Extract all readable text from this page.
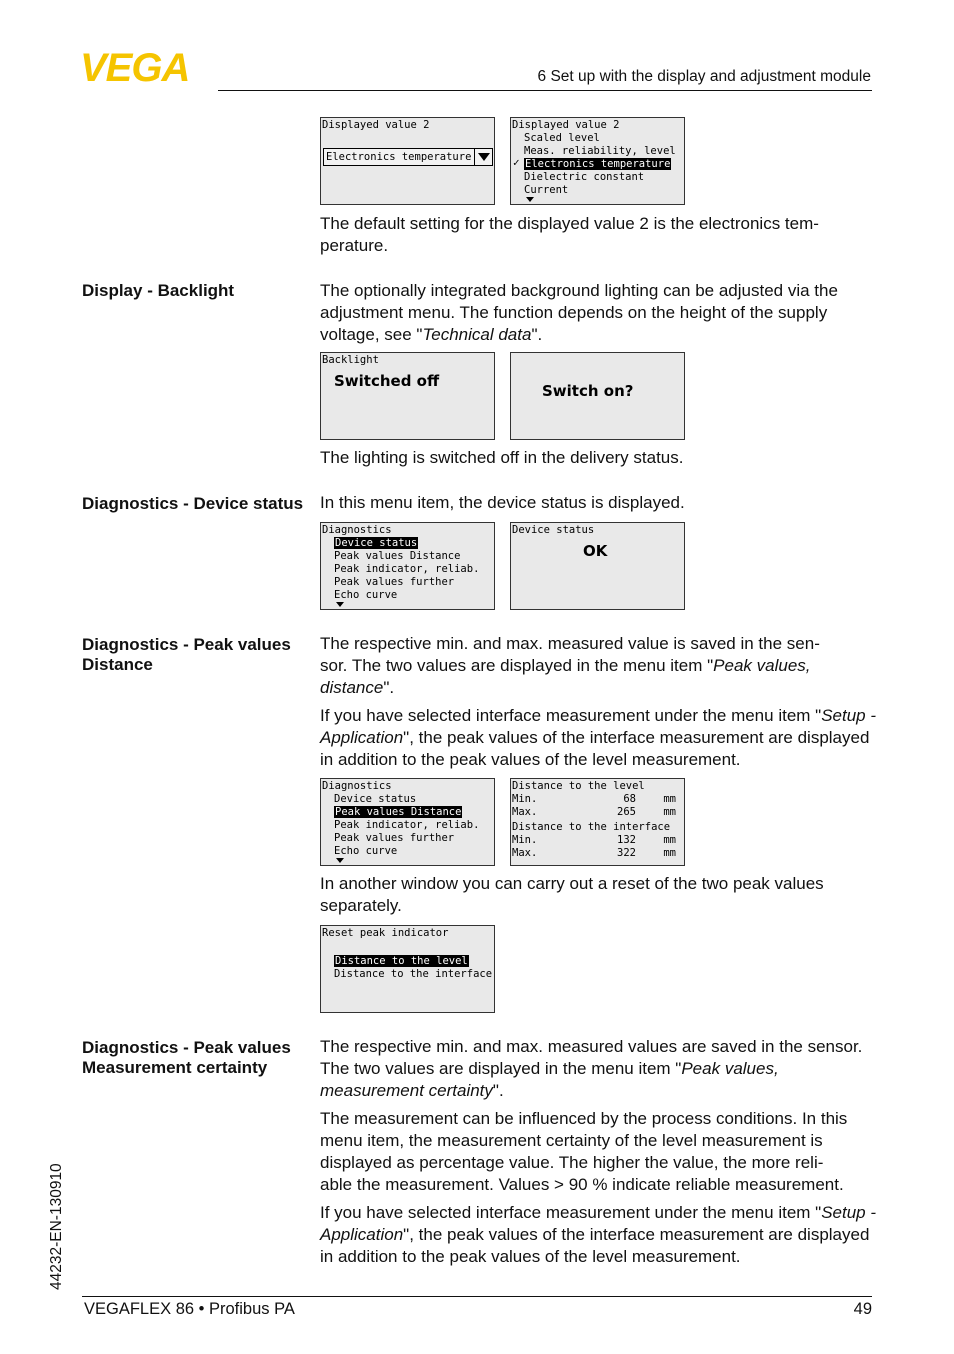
VEGA	6 Set up with the display and adjustment module
44232-EN-130910
Displayed value 2
Electronics temperature
Displayed value 2
Scaled level
Meas. reliability, level
✓ Electronics temperature
Dielectric constant
Current
The default setting for the displayed value 2 is the electronics tem-
perature.
Display - Backlight	The optionally integrated background lighting can be adjusted via the adjustment menu. The function depends on the height of the supply voltage, see "Technical data".
Backlight
Switched off
Switch on?
The lighting is switched off in the delivery status.
Diagnostics - Device status In this menu item, the device status is displayed.
Diagnostics
Device status
Peak values Distance
Peak indicator, reliab.
Peak values further
Echo curve
Device status
OK
Diagnostics - Peak values Distance
The respective min. and max. measured value is saved in the sen-
sor. The two values are displayed in the menu item "Peak values, distance".
If you have selected interface measurement under the menu item "Setup - Application", the peak values of the interface measurement are displayed in addition to the peak values of the level measurement.
Diagnostics
Device status
Peak values Distance
Peak indicator, reliab.
Peak values further
Echo curve
Distance to the level
Min.	68	mm
Max.	265	mm
Distance to the interface
Min.	132	mm
Max.	322	mm
In another window you can carry out a reset of the two peak values separately.
Reset peak indicator
Distance to the level
Distance to the interface
Diagnostics - Peak values Measurement certainty
The respective min. and max. measured values are saved in the sensor. The two values are displayed in the menu item "Peak values, measurement certainty".
The measurement can be influenced by the process conditions. In this menu item, the measurement certainty of the level measurement is displayed as percentage value. The higher the value, the more reli-
able the measurement. Values > 90 % indicate reliable measurement.
If you have selected interface measurement under the menu item "Setup - Application", the peak values of the interface measurement are displayed in addition to the peak values of the level measurement.
VEGAFLEX 86 • Profibus PA	49
